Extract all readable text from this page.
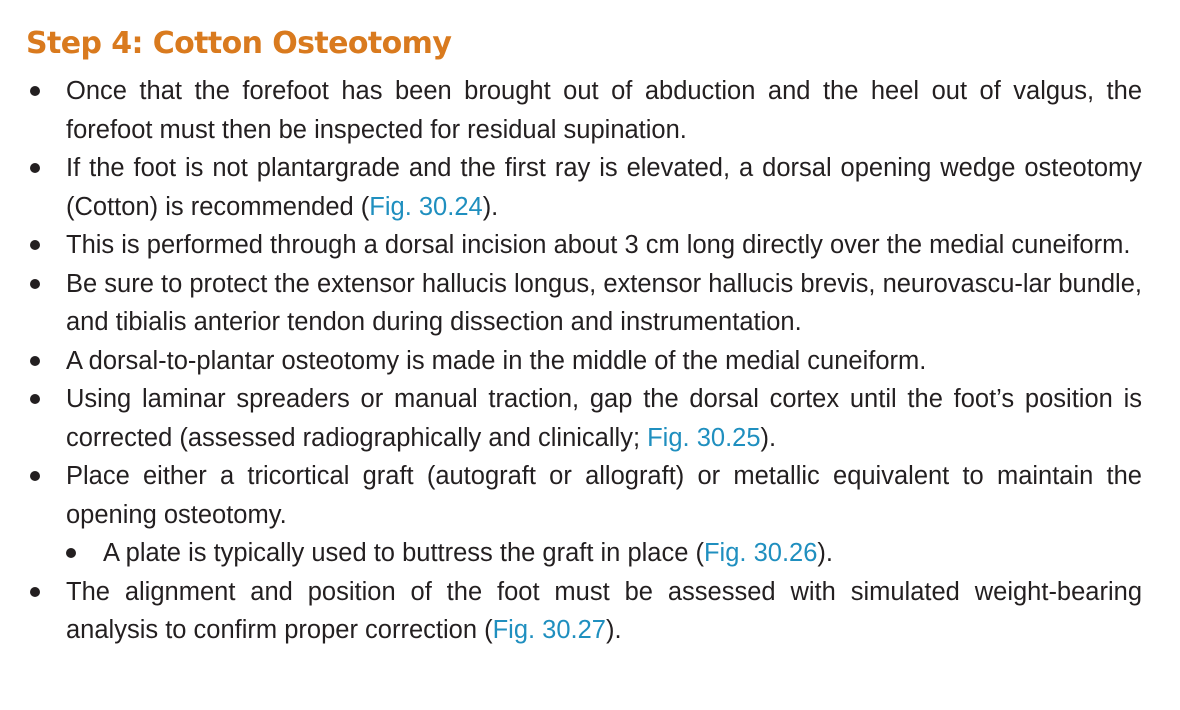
Step 4: Cotton Osteotomy
Once that the forefoot has been brought out of abduction and the heel out of valgus, the forefoot must then be inspected for residual supination.
If the foot is not plantargrade and the first ray is elevated, a dorsal opening wedge osteotomy (Cotton) is recommended (Fig. 30.24).
This is performed through a dorsal incision about 3 cm long directly over the medial cuneiform.
Be sure to protect the extensor hallucis longus, extensor hallucis brevis, neurovascu-lar bundle, and tibialis anterior tendon during dissection and instrumentation.
A dorsal-to-plantar osteotomy is made in the middle of the medial cuneiform.
Using laminar spreaders or manual traction, gap the dorsal cortex until the foot’s position is corrected (assessed radiographically and clinically; Fig. 30.25).
Place either a tricortical graft (autograft or allograft) or metallic equivalent to maintain the opening osteotomy.
A plate is typically used to buttress the graft in place (Fig. 30.26).
The alignment and position of the foot must be assessed with simulated weight-bearing analysis to confirm proper correction (Fig. 30.27).
